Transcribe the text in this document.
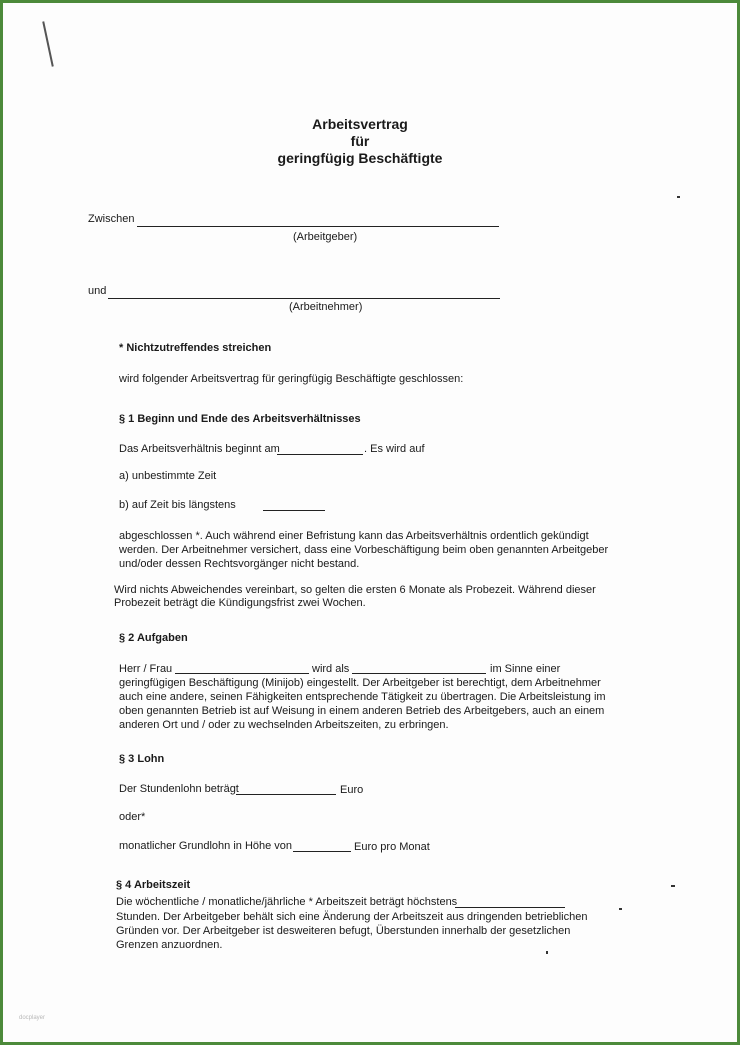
Arbeitsvertrag
für
geringfügig Beschäftigte
Zwischen
(Arbeitgeber)
und
(Arbeitnehmer)
* Nichtzutreffendes streichen
wird folgender Arbeitsvertrag für geringfügig Beschäftigte geschlossen:
§ 1 Beginn und Ende des Arbeitsverhältnisses
Das Arbeitsverhältnis beginnt am	. Es wird auf
a) unbestimmte Zeit
b) auf Zeit bis längstens
abgeschlossen *. Auch während einer Befristung kann das Arbeitsverhältnis ordentlich gekündigt
werden. Der Arbeitnehmer versichert, dass eine Vorbeschäftigung beim oben genannten Arbeitgeber
und/oder dessen Rechtsvorgänger nicht bestand.
Wird nichts Abweichendes vereinbart, so gelten die ersten 6 Monate als Probezeit. Während dieser
Probezeit beträgt die Kündigungsfrist zwei Wochen.
§ 2 Aufgaben
Herr / Frau	wird als	im Sinne einer
geringfügigen Beschäftigung (Minijob) eingestellt. Der Arbeitgeber ist berechtigt, dem Arbeitnehmer
auch eine andere, seinen Fähigkeiten entsprechende Tätigkeit zu übertragen. Die Arbeitsleistung im
oben genannten Betrieb ist auf Weisung in einem anderen Betrieb des Arbeitgebers, auch an einem
anderen Ort und / oder zu wechselnden Arbeitszeiten, zu erbringen.
§ 3 Lohn
Der Stundenlohn beträgt	Euro
oder*
monatlicher Grundlohn in Höhe von	Euro pro Monat
§ 4 Arbeitszeit
Die wöchentliche / monatliche/jährliche * Arbeitszeit beträgt höchstens
Stunden. Der Arbeitgeber behält sich eine Änderung der Arbeitszeit aus dringenden betrieblichen
Gründen vor. Der Arbeitgeber ist desweiteren befugt, Überstunden innerhalb der gesetzlichen
Grenzen anzuordnen.
docplayer
